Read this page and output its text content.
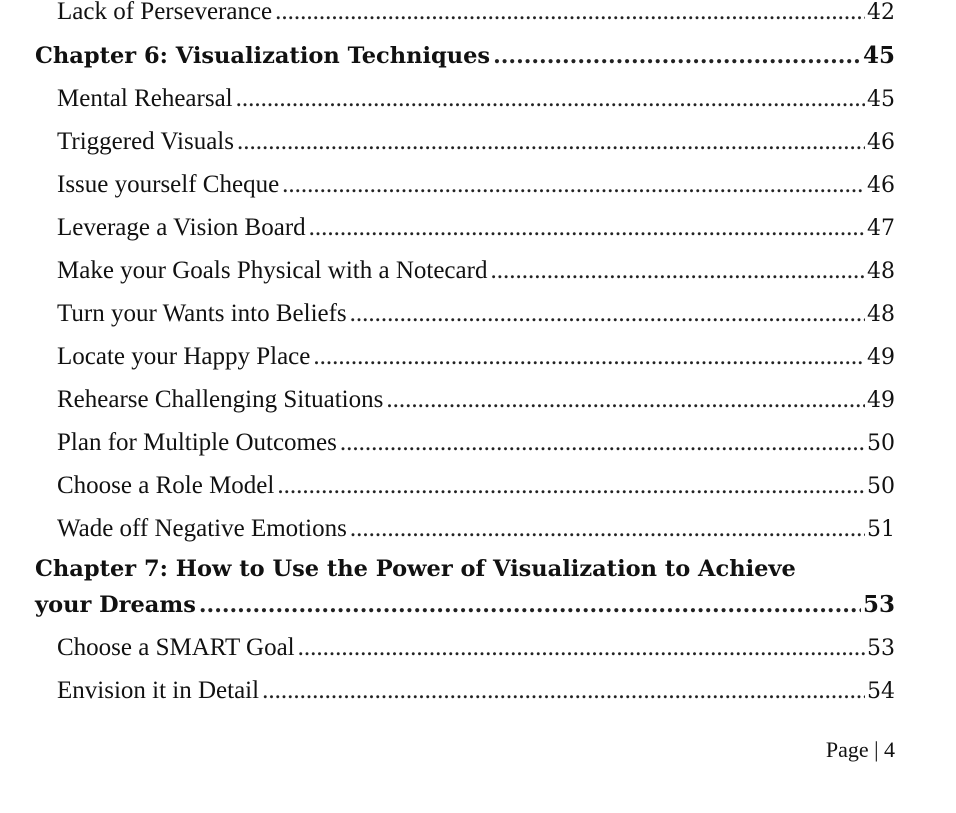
Lack of Perseverance .....	42
Chapter 6: Visualization Techniques .....	45
Mental Rehearsal .....	45
Triggered Visuals .....	46
Issue yourself Cheque .....	46
Leverage a Vision Board .....	47
Make your Goals Physical with a Notecard .....	48
Turn your Wants into Beliefs .....	48
Locate your Happy Place .....	49
Rehearse Challenging Situations .....	49
Plan for Multiple Outcomes .....	50
Choose a Role Model .....	50
Wade off Negative Emotions .....	51
Chapter 7: How to Use the Power of Visualization to Achieve
your Dreams .....	53
Choose a SMART Goal .....	53
Envision it in Detail .....	54
Page | 4
